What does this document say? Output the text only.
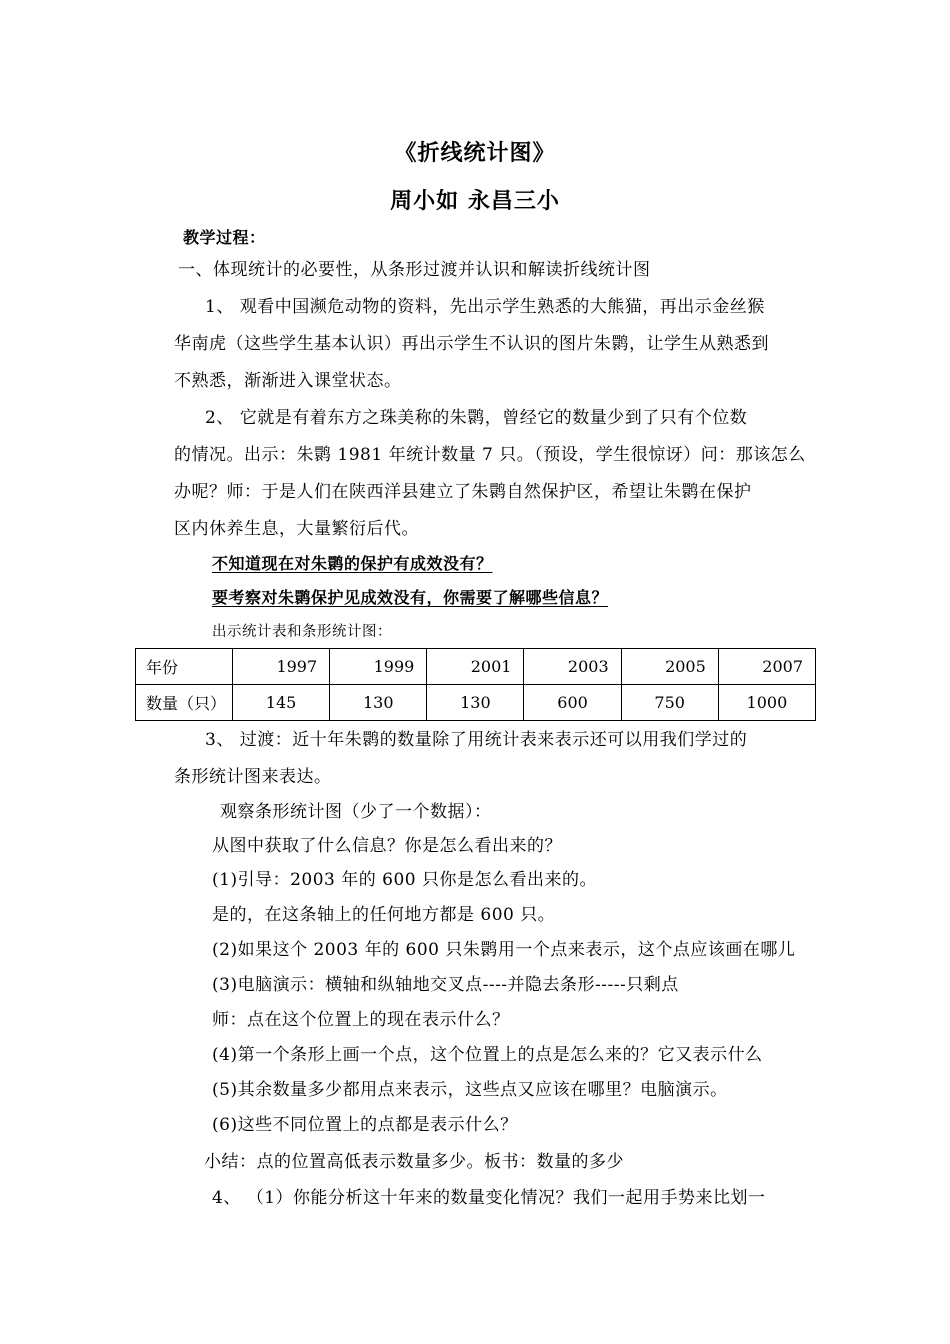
《折线统计图》
周小如 永昌三小
教学过程：
一、体现统计的必要性，从条形过渡并认识和解读折线统计图
1、 观看中国濒危动物的资料，先出示学生熟悉的大熊猫，再出示金丝猴
华南虎（这些学生基本认识）再出示学生不认识的图片朱鹮，让学生从熟悉到
不熟悉，渐渐进入课堂状态。
2、 它就是有着东方之珠美称的朱鹮，曾经它的数量少到了只有个位数
的情况。出示：朱鹮 1981 年统计数量 7 只。（预设，学生很惊讶）问：那该怎么
办呢？师：于是人们在陕西洋县建立了朱鹮自然保护区，希望让朱鹮在保护
区内休养生息，大量繁衍后代。
不知道现在对朱鹮的保护有成效没有？
要考察对朱鹮保护见成效没有，你需要了解哪些信息？
出示统计表和条形统计图：
年份	1997	1999	2001	2003	2005	2007
数量（只）	145	130	130	600	750	1000
3、 过渡：近十年朱鹮的数量除了用统计表来表示还可以用我们学过的
条形统计图来表达。
观察条形统计图（少了一个数据）：
从图中获取了什么信息？你是怎么看出来的？
(1)引导：2003 年的 600 只你是怎么看出来的。
是的，在这条轴上的任何地方都是 600 只。
(2)如果这个 2003 年的 600 只朱鹮用一个点来表示，这个点应该画在哪儿
(3)电脑演示：横轴和纵轴地交叉点----并隐去条形-----只剩点
师：点在这个位置上的现在表示什么？
(4)第一个条形上画一个点，这个位置上的点是怎么来的？它又表示什么
(5)其余数量多少都用点来表示，这些点又应该在哪里？电脑演示。
(6)这些不同位置上的点都是表示什么？
小结：点的位置高低表示数量多少。板书：数量的多少
4、 （1）你能分析这十年来的数量变化情况？我们一起用手势来比划一
